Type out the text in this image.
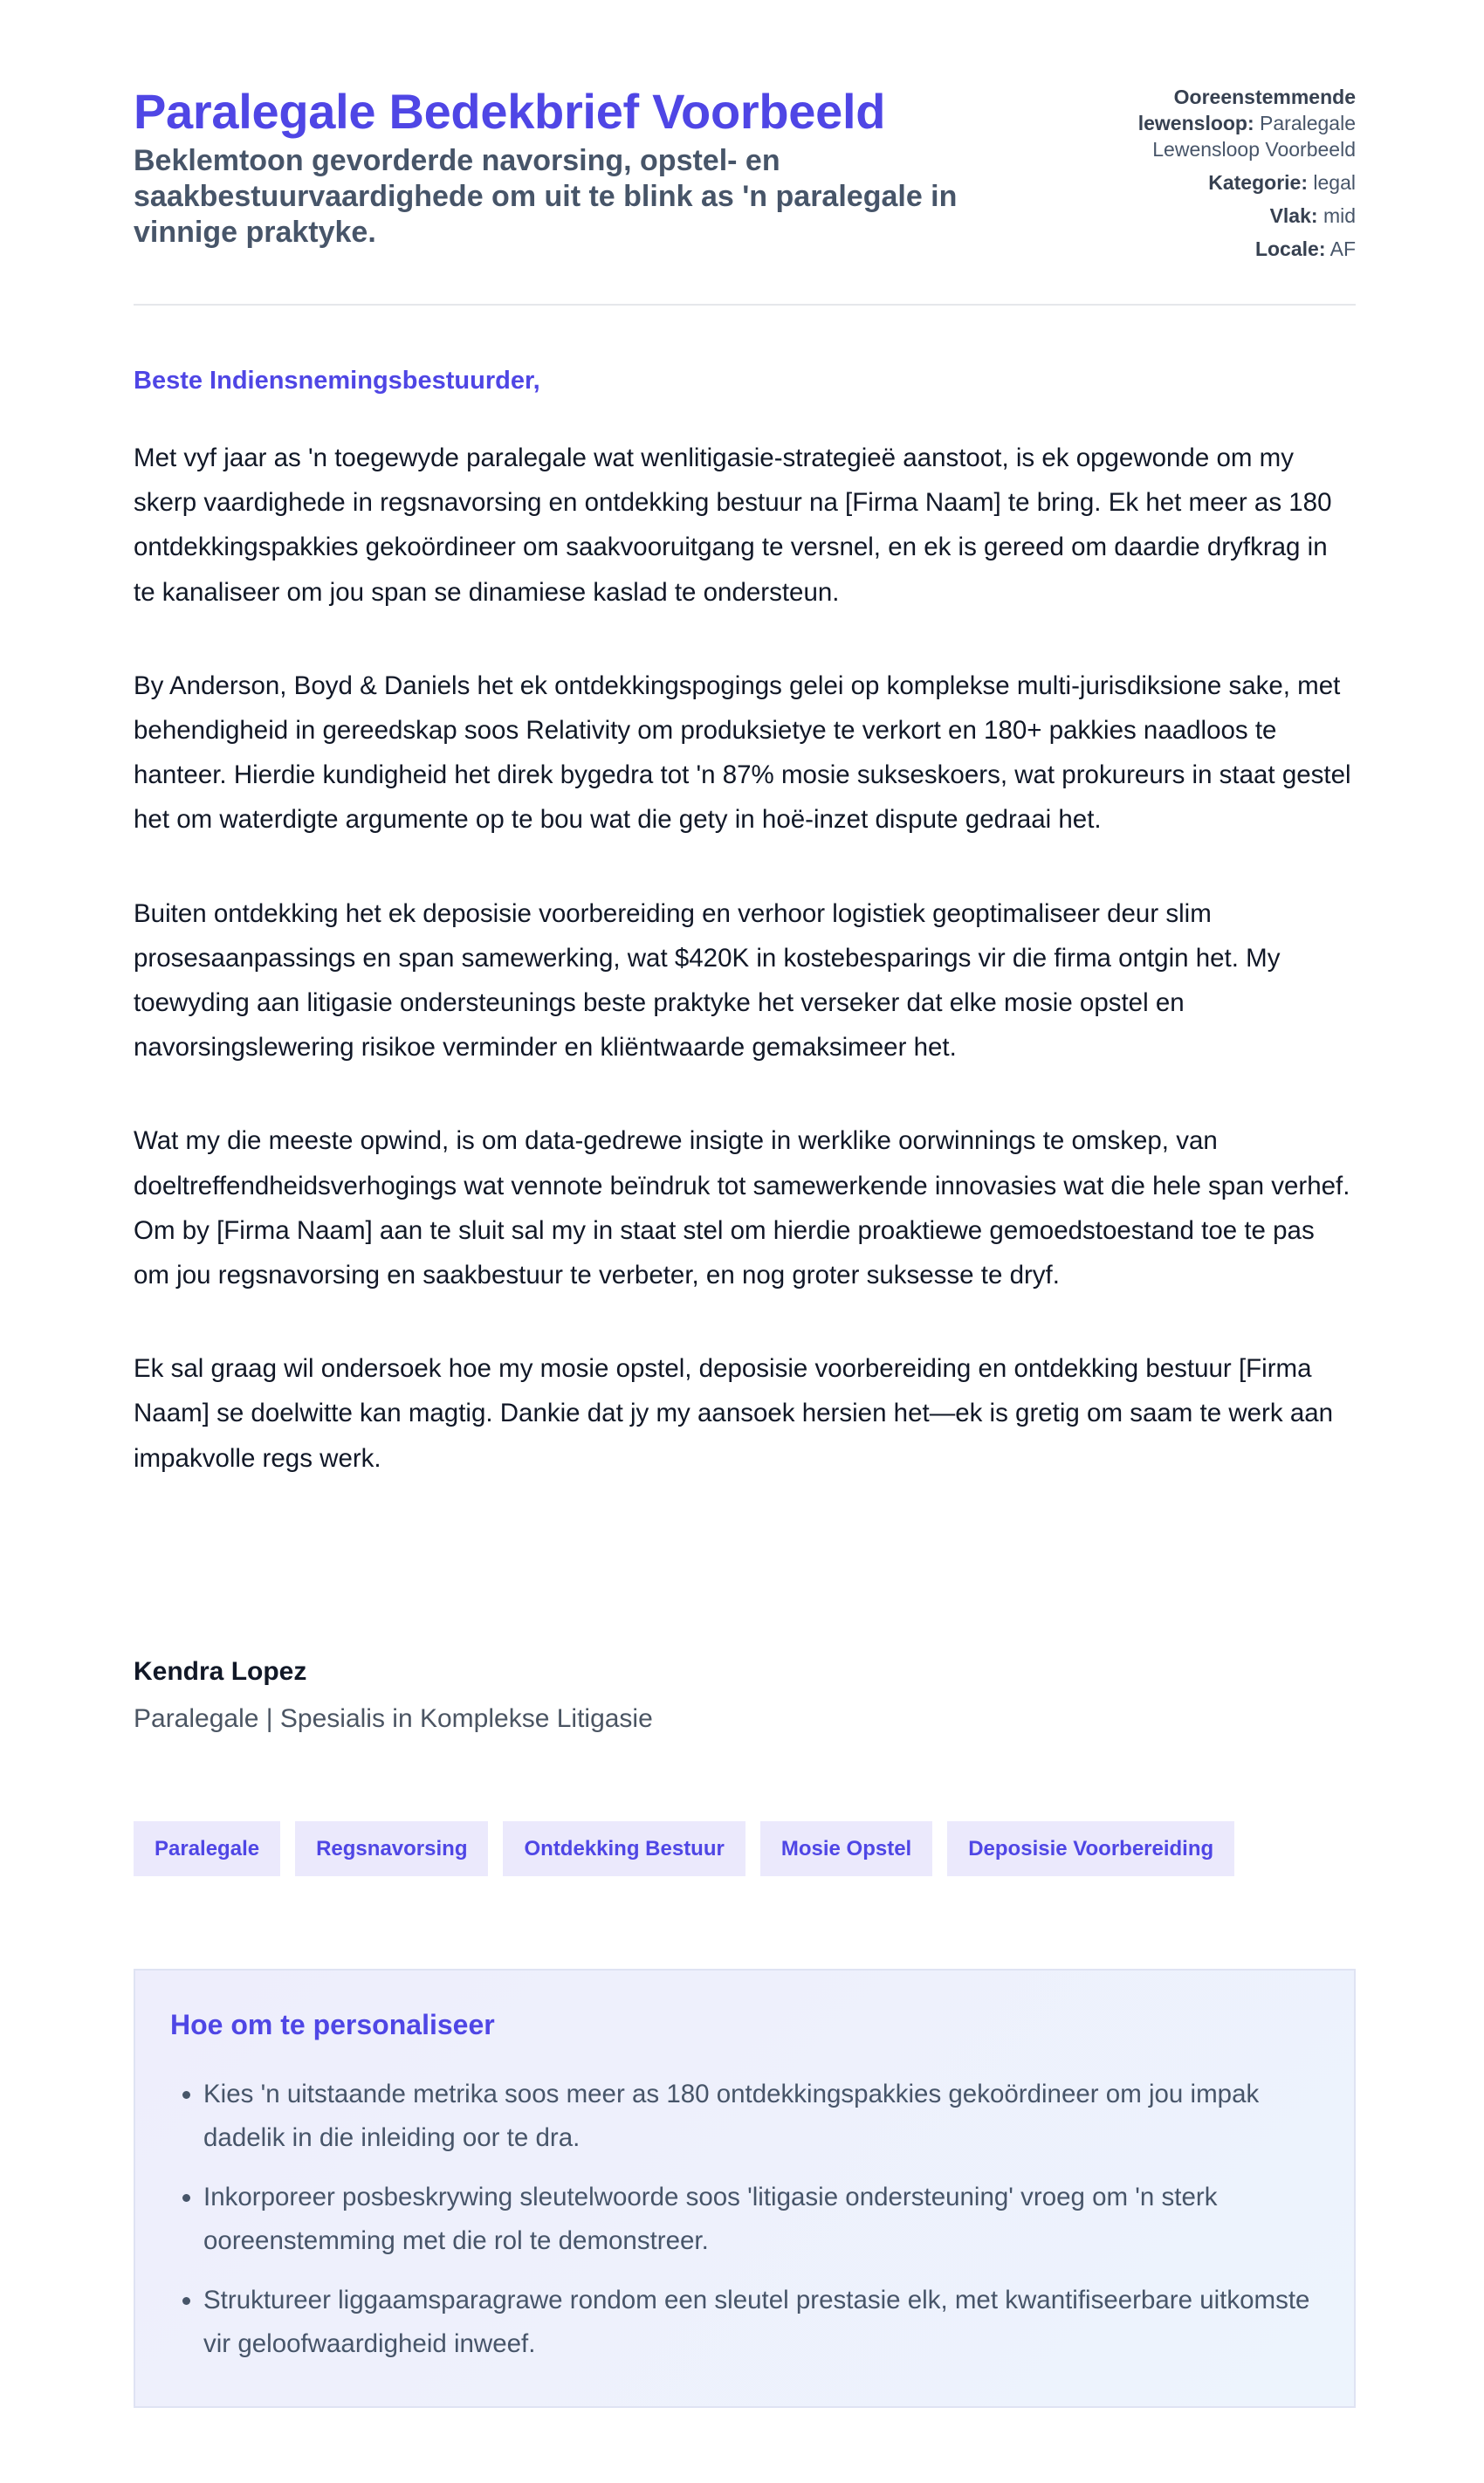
Paralegale Bedekbrief Voorbeeld
Beklemtoon gevorderde navorsing, opstel- en saakbestuurvaardighede om uit te blink as 'n paralegale in vinnige praktyke.
Ooreenstemmende lewensloop: Paralegale Lewensloop Voorbeeld
Kategorie: legal
Vlak: mid
Locale: AF

Beste Indiensnemingsbestuurder,

Met vyf jaar as 'n toegewyde paralegale wat wenlitigasie-strategieë aanstoot, is ek opgewonde om my skerp vaardighede in regsnavorsing en ontdekking bestuur na [Firma Naam] te bring. Ek het meer as 180 ontdekkingspakkies gekoördineer om saakvooruitgang te versnel, en ek is gereed om daardie dryfkrag in te kanaliseer om jou span se dinamiese kaslad te ondersteun.

By Anderson, Boyd & Daniels het ek ontdekkingspogings gelei op komplekse multi-jurisdiksione sake, met behendigheid in gereedskap soos Relativity om produksietye te verkort en 180+ pakkies naadloos te hanteer. Hierdie kundigheid het direk bygedra tot 'n 87% mosie sukseskoers, wat prokureurs in staat gestel het om waterdigte argumente op te bou wat die gety in hoë-inzet dispute gedraai het.

Buiten ontdekking het ek deposisie voorbereiding en verhoor logistiek geoptimaliseer deur slim prosesaanpassings en span samewerking, wat $420K in kostebesparings vir die firma ontgin het. My toewyding aan litigasie ondersteunings beste praktyke het verseker dat elke mosie opstel en navorsingslewering risikoe verminder en kliëntwaarde gemaksimeer het.

Wat my die meeste opwind, is om data-gedrewe insigte in werklike oorwinnings te omskep, van doeltreffendheidsverhogings wat vennote beïndruk tot samewerkende innovasies wat die hele span verhef. Om by [Firma Naam] aan te sluit sal my in staat stel om hierdie proaktiewe gemoedstoestand toe te pas om jou regsnavorsing en saakbestuur te verbeter, en nog groter suksesse te dryf.

Ek sal graag wil ondersoek hoe my mosie opstel, deposisie voorbereiding en ontdekking bestuur [Firma Naam] se doelwitte kan magtig. Dankie dat jy my aansoek hersien het—ek is gretig om saam te werk aan impakvolle regs werk.

Kendra Lopez

Paralegale | Spesialis in Komplekse Litigasie

Paralegale	Regsnavorsing	Ontdekking Bestuur	Mosie Opstel	Deposisie Voorbereiding
Hoe om te personaliseer
• Kies 'n uitstaande metrika soos meer as 180 ontdekkingspakkies gekoördineer om jou impak dadelik in die inleiding oor te dra.
• Inkorporeer posbeskrywing sleutelwoorde soos 'litigasie ondersteuning' vroeg om 'n sterk ooreenstemming met die rol te demonstreer.
• Struktureer liggaamsparagrawe rondom een sleutel prestasie elk, met kwantifiseerbare uitkomste vir geloofwaardigheid inweef.
